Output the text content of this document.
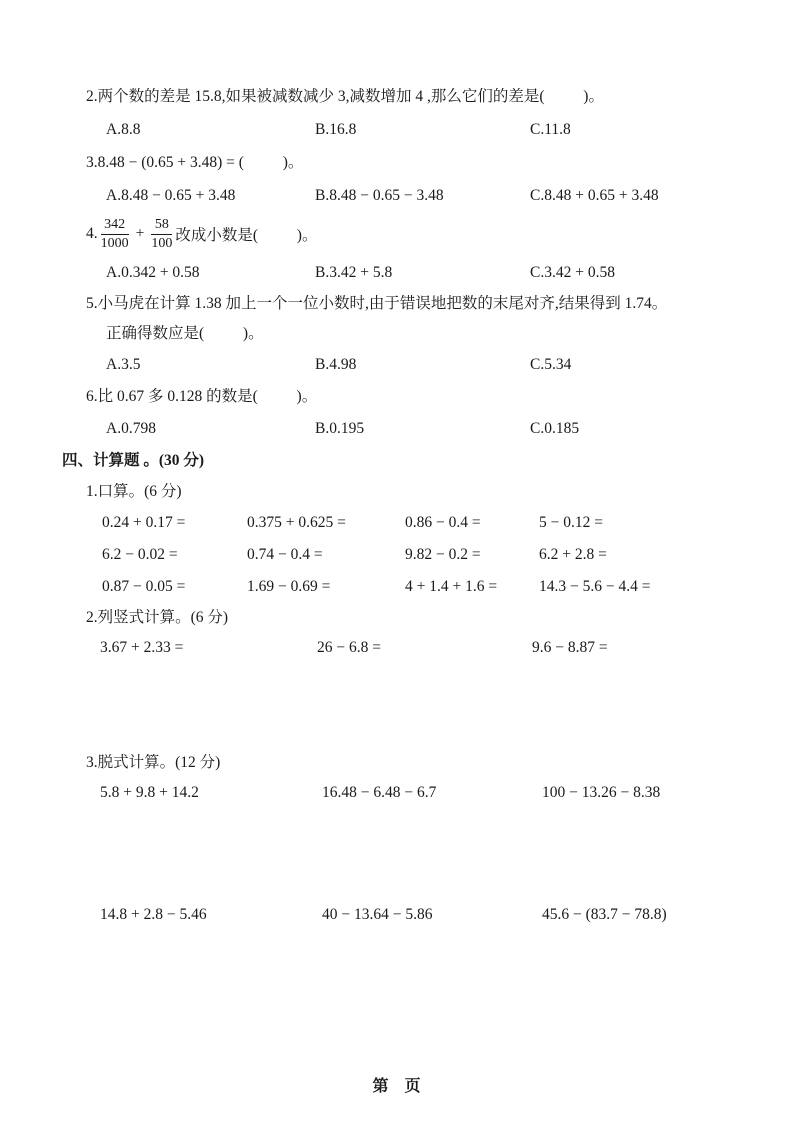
2.两个数的差是 15.8,如果被减数减少 3,减数增加 4 ,那么它们的差是(          )。
A.8.8	B.16.8	C.11.8
3.8.48 − (0.65 + 3.48) = (          )。
A.8.48 − 0.65 + 3.48	B.8.48 − 0.65 − 3.48	C.8.48 + 0.65 + 3.48
4. $\frac{342}{1000} + \frac{58}{100}$ 改成小数是(          )。
A.0.342 + 0.58	B.3.42 + 5.8	C.3.42 + 0.58
5.小马虎在计算 1.38 加上一个一位小数时,由于错误地把数的末尾对齐,结果得到 1.74。
正确得数应是(          )。
A.3.5	B.4.98	C.5.34
6.比 0.67 多 0.128 的数是(          )。
A.0.798	B.0.195	C.0.185
四、计算题 。(30 分)
1.口算。(6 分)
0.24 + 0.17 =	0.375 + 0.625 =	0.86 − 0.4 =	5 − 0.12 =
6.2 − 0.02 =	0.74 − 0.4 =	9.82 − 0.2 =	6.2 + 2.8 =
0.87 − 0.05 =	1.69 − 0.69 =	4 + 1.4 + 1.6 =	14.3 − 5.6 − 4.4 =
2.列竖式计算。(6 分)
3.67 + 2.33 =	26 − 6.8 =	9.6 − 8.87 =
3.脱式计算。(12 分)
5.8 + 9.8 + 14.2	16.48 − 6.48 − 6.7	100 − 13.26 − 8.38
14.8 + 2.8 − 5.46	40 − 13.64 − 5.86	45.6 − (83.7 − 78.8)
第　页
